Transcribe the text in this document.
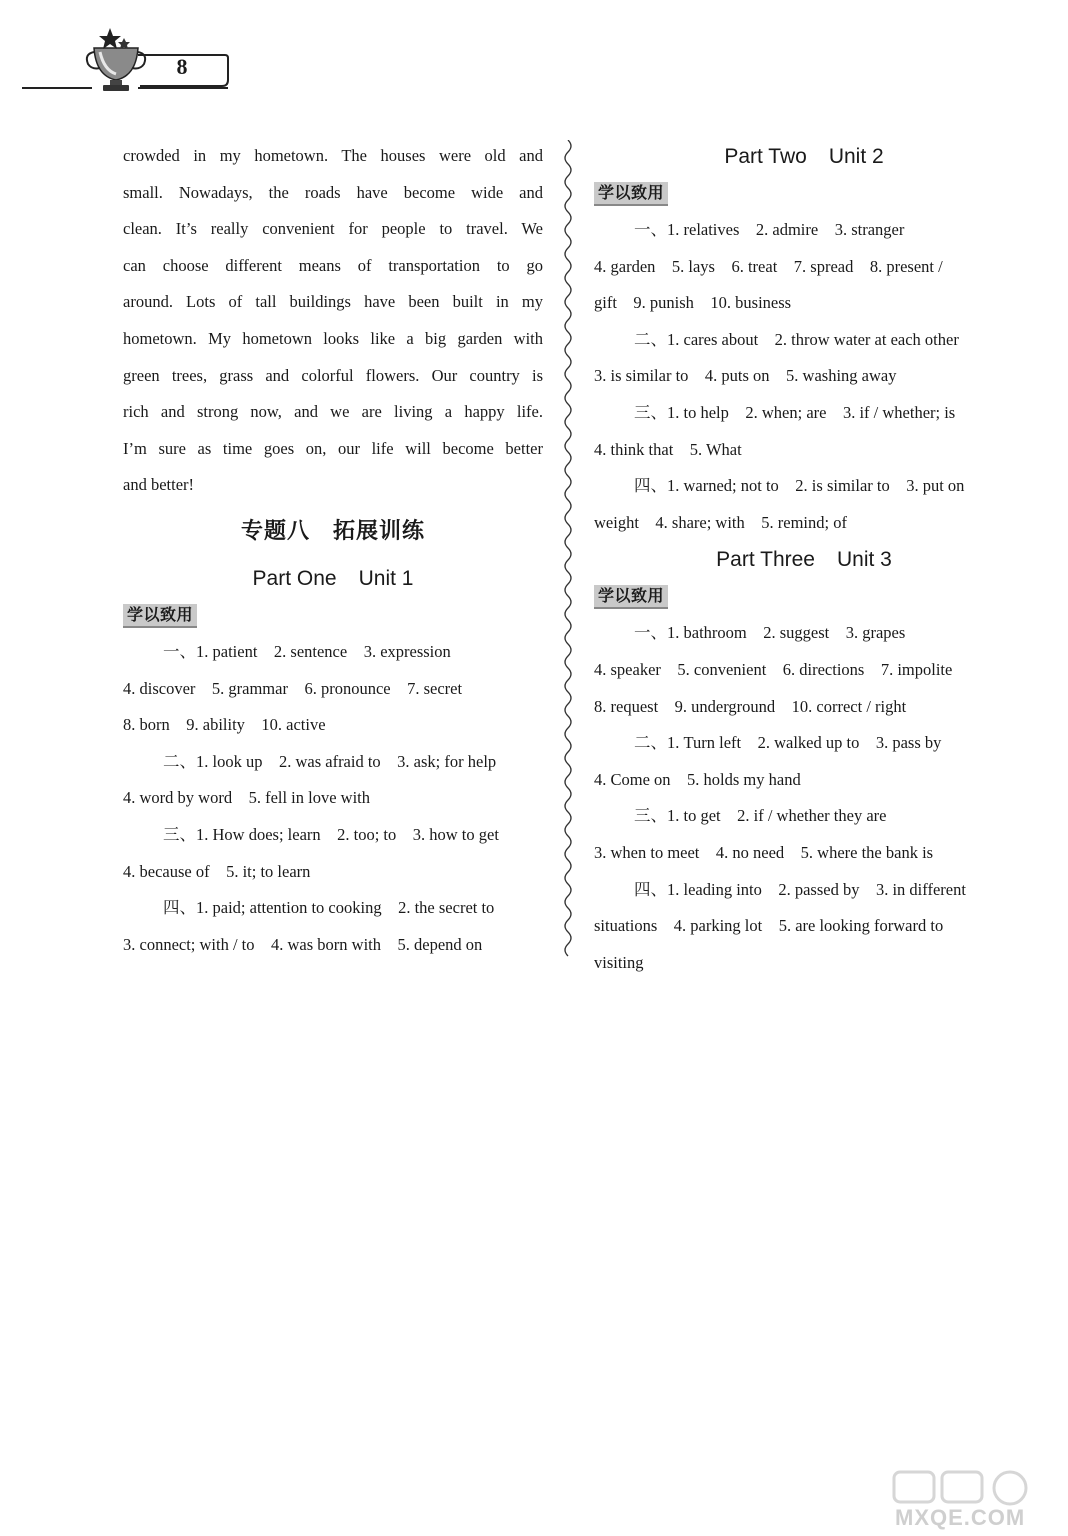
8
crowded in my hometown. The houses were old and
small. Nowadays, the roads have become wide and
clean. It’s really convenient for people to travel. We
can choose different means of transportation to go
around. Lots of tall buildings have been built in my
hometown. My hometown looks like a big garden with
green trees, grass and colorful flowers. Our country is
rich and strong now, and we are living a happy life.
I’m sure as time goes on, our life will become better
and better!
专题八　拓展训练
Part One Unit 1
学以致用
一、1. patient　2. sentence　3. expression
4. discover　5. grammar　6. pronounce　7. secret
8. born　9. ability　10. active
二、1. look up　2. was afraid to　3. ask; for help
4. word by word　5. fell in love with
三、1. How does; learn　2. too; to　3. how to get
4. because of　5. it; to learn
四、1. paid; attention to cooking　2. the secret to
3. connect; with / to　4. was born with　5. depend on
Part Two Unit 2
学以致用
一、1. relatives　2. admire　3. stranger
4. garden　5. lays　6. treat　7. spread　8. present /
gift　9. punish　10. business
二、1. cares about　2. throw water at each other
3. is similar to　4. puts on　5. washing away
三、1. to help　2. when; are　3. if / whether; is
4. think that　5. What
四、1. warned; not to　2. is similar to　3. put on
weight　4. share; with　5. remind; of
Part Three Unit 3
学以致用
一、1. bathroom　2. suggest　3. grapes
4. speaker　5. convenient　6. directions　7. impolite
8. request　9. underground　10. correct / right
二、1. Turn left　2. walked up to　3. pass by
4. Come on　5. holds my hand
三、1. to get　2. if / whether they are
3. when to meet　4. no need　5. where the bank is
四、1. leading into　2. passed by　3. in different
situations　4. parking lot　5. are looking forward to
visiting
MXQE.COM
